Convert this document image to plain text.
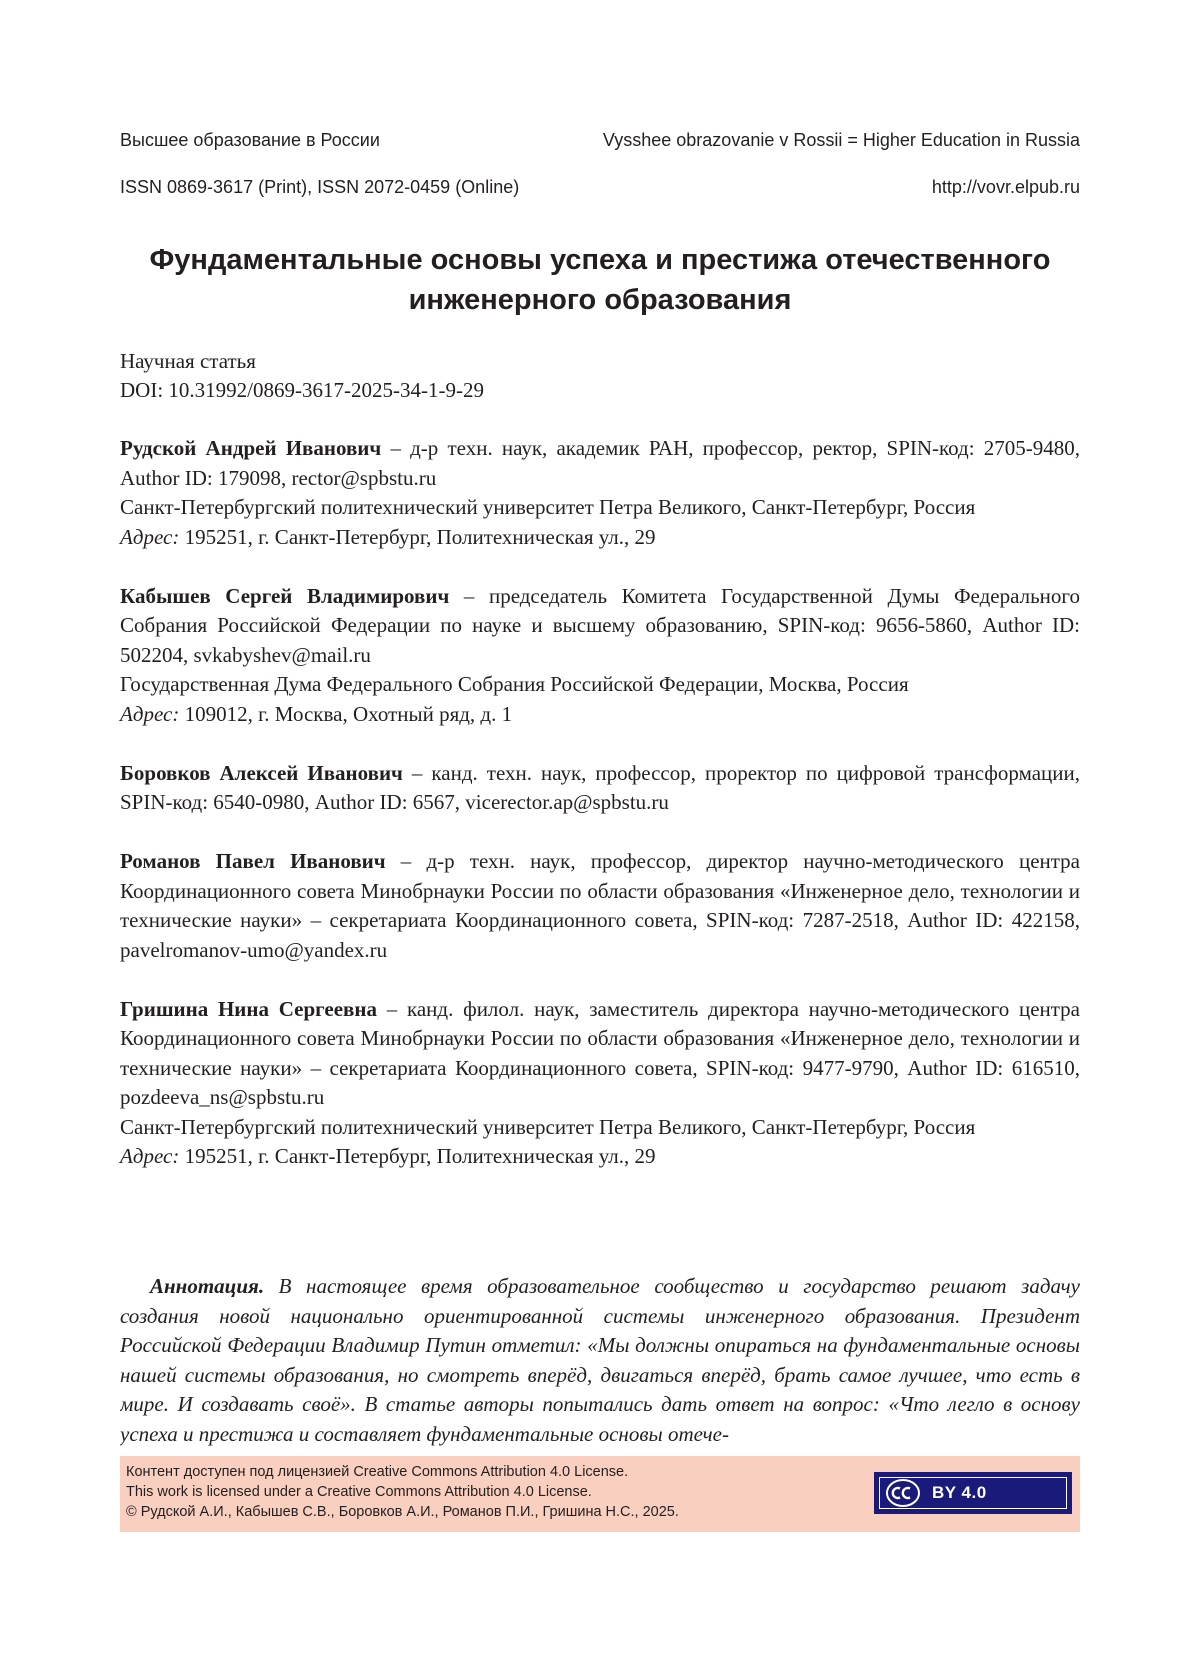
Высшее образование в России	Vysshee obrazovanie v Rossii = Higher Education in Russia
ISSN 0869-3617 (Print), ISSN 2072-0459 (Online)	http://vovr.elpub.ru
Фундаментальные основы успеха и престижа отечественного инженерного образования
Научная статья
DOI: 10.31992/0869-3617-2025-34-1-9-29

Рудской Андрей Иванович – д-р техн. наук, академик РАН, профессор, ректор, SPIN-код: 2705-9480, Author ID: 179098, rector@spbstu.ru

Санкт-Петербургский политехнический университет Петра Великого, Санкт-Петербург, Россия

Адрес: 195251, г. Санкт-Петербург, Политехническая ул., 29

Кабышев Сергей Владимирович – председатель Комитета Государственной Думы Федерального Собрания Российской Федерации по науке и высшему образованию, SPIN-код: 9656-5860, Author ID: 502204, svkabyshev@mail.ru

Государственная Дума Федерального Собрания Российской Федерации, Москва, Россия

Адрес: 109012, г. Москва, Охотный ряд, д. 1

Боровков Алексей Иванович – канд. техн. наук, профессор, проректор по цифровой трансформации, SPIN-код: 6540-0980, Author ID: 6567, vicerector.ap@spbstu.ru

Романов Павел Иванович – д-р техн. наук, профессор, директор научно-методического центра Координационного совета Минобрнауки России по области образования «Инженерное дело, технологии и технические науки» – секретариата Координационного совета, SPIN-код: 7287-2518, Author ID: 422158, pavelromanov-umo@yandex.ru

Гришина Нина Сергеевна – канд. филол. наук, заместитель директора научно-методического центра Координационного совета Минобрнауки России по области образования «Инженерное дело, технологии и технические науки» – секретариата Координационного совета, SPIN-код: 9477-9790, Author ID: 616510, pozdeeva_ns@spbstu.ru

Санкт-Петербургский политехнический университет Петра Великого, Санкт-Петербург, Россия

Адрес: 195251, г. Санкт-Петербург, Политехническая ул., 29

Аннотация. В настоящее время образовательное сообщество и государство решают задачу создания новой национально ориентированной системы инженерного образования. Президент Российской Федерации Владимир Путин отметил: «Мы должны опираться на фундаментальные основы нашей системы образования, но смотреть вперёд, двигаться вперёд, брать самое лучшее, что есть в мире. И создавать своё». В статье авторы попытались дать ответ на вопрос: «Что легло в основу успеха и престижа и составляет фундаментальные основы отече-

Контент доступен под лицензией Creative Commons Attribution 4.0 License.
This work is licensed under a Creative Commons Attribution 4.0 License.
© Рудской А.И., Кабышев С.В., Боровков А.И., Романов П.И., Гришина Н.С., 2025.
BY 4.0
